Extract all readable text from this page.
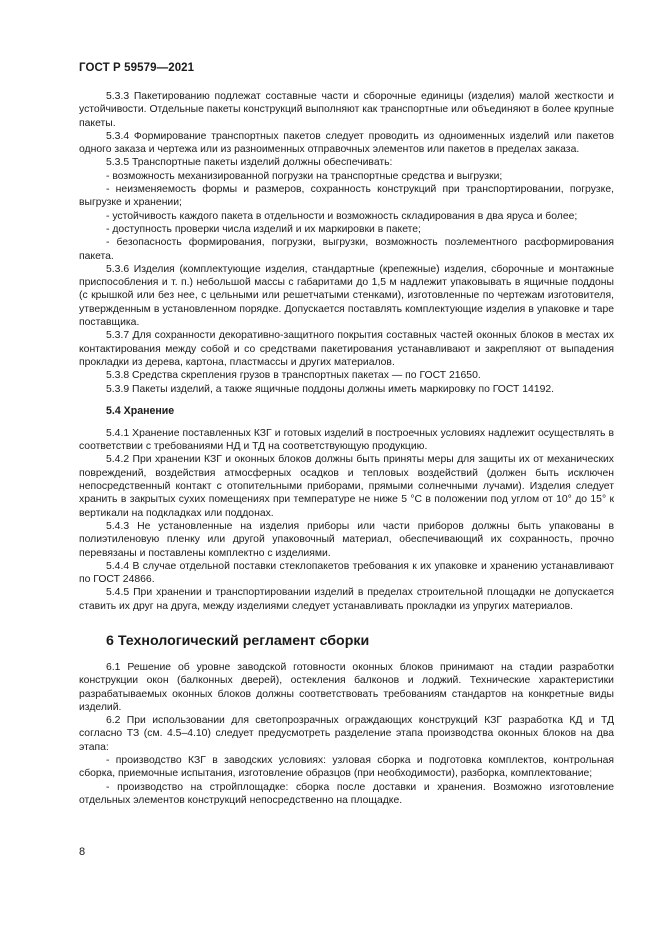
ГОСТ Р 59579—2021

5.3.3 Пакетированию подлежат составные части и сборочные единицы (изделия) малой жесткости и устойчивости. Отдельные пакеты конструкций выполняют как транспортные или объединяют в более крупные пакеты.

5.3.4 Формирование транспортных пакетов следует проводить из одноименных изделий или пакетов одного заказа и чертежа или из разноименных отправочных элементов или пакетов в пределах заказа.

5.3.5 Транспортные пакеты изделий должны обеспечивать:

- возможность механизированной погрузки на транспортные средства и выгрузки;

- неизменяемость формы и размеров, сохранность конструкций при транспортировании, погрузке, выгрузке и хранении;

- устойчивость каждого пакета в отдельности и возможность складирования в два яруса и более;

- доступность проверки числа изделий и их маркировки в пакете;

- безопасность формирования, погрузки, выгрузки, возможность поэлементного расформирования пакета.

5.3.6 Изделия (комплектующие изделия, стандартные (крепежные) изделия, сборочные и монтажные приспособления и т. п.) небольшой массы с габаритами до 1,5 м надлежит упаковывать в ящичные поддоны (с крышкой или без нее, с цельными или решетчатыми стенками), изготовленные по чертежам изготовителя, утвержденным в установленном порядке. Допускается поставлять комплектующие изделия в упаковке и таре поставщика.

5.3.7 Для сохранности декоративно-защитного покрытия составных частей оконных блоков в местах их контактирования между собой и со средствами пакетирования устанавливают и закрепляют от выпадения прокладки из дерева, картона, пластмассы и других материалов.

5.3.8 Средства скрепления грузов в транспортных пакетах — по ГОСТ 21650.

5.3.9 Пакеты изделий, а также ящичные поддоны должны иметь маркировку по ГОСТ 14192.

5.4 Хранение

5.4.1 Хранение поставленных КЗГ и готовых изделий в построечных условиях надлежит осуществлять в соответствии с требованиями НД и ТД на соответствующую продукцию.

5.4.2 При хранении КЗГ и оконных блоков должны быть приняты меры для защиты их от механических повреждений, воздействия атмосферных осадков и тепловых воздействий (должен быть исключен непосредственный контакт с отопительными приборами, прямыми солнечными лучами). Изделия следует хранить в закрытых сухих помещениях при температуре не ниже 5 °С в положении под углом от 10° до 15° к вертикали на подкладках или поддонах.

5.4.3 Не установленные на изделия приборы или части приборов должны быть упакованы в полиэтиленовую пленку или другой упаковочный материал, обеспечивающий их сохранность, прочно перевязаны и поставлены комплектно с изделиями.

5.4.4 В случае отдельной поставки стеклопакетов требования к их упаковке и хранению устанавливают по ГОСТ 24866.

5.4.5 При хранении и транспортировании изделий в пределах строительной площадки не допускается ставить их друг на друга, между изделиями следует устанавливать прокладки из упругих материалов.

6 Технологический регламент сборки

6.1 Решение об уровне заводской готовности оконных блоков принимают на стадии разработки конструкции окон (балконных дверей), остекления балконов и лоджий. Технические характеристики разрабатываемых оконных блоков должны соответствовать требованиям стандартов на конкретные виды изделий.

6.2 При использовании для светопрозрачных ограждающих конструкций КЗГ разработка КД и ТД согласно ТЗ (см. 4.5–4.10) следует предусмотреть разделение этапа производства оконных блоков на два этапа:

- производство КЗГ в заводских условиях: узловая сборка и подготовка комплектов, контрольная сборка, приемочные испытания, изготовление образцов (при необходимости), разборка, комплектование;

- производство на стройплощадке: сборка после доставки и хранения. Возможно изготовление отдельных элементов конструкций непосредственно на площадке.

8
